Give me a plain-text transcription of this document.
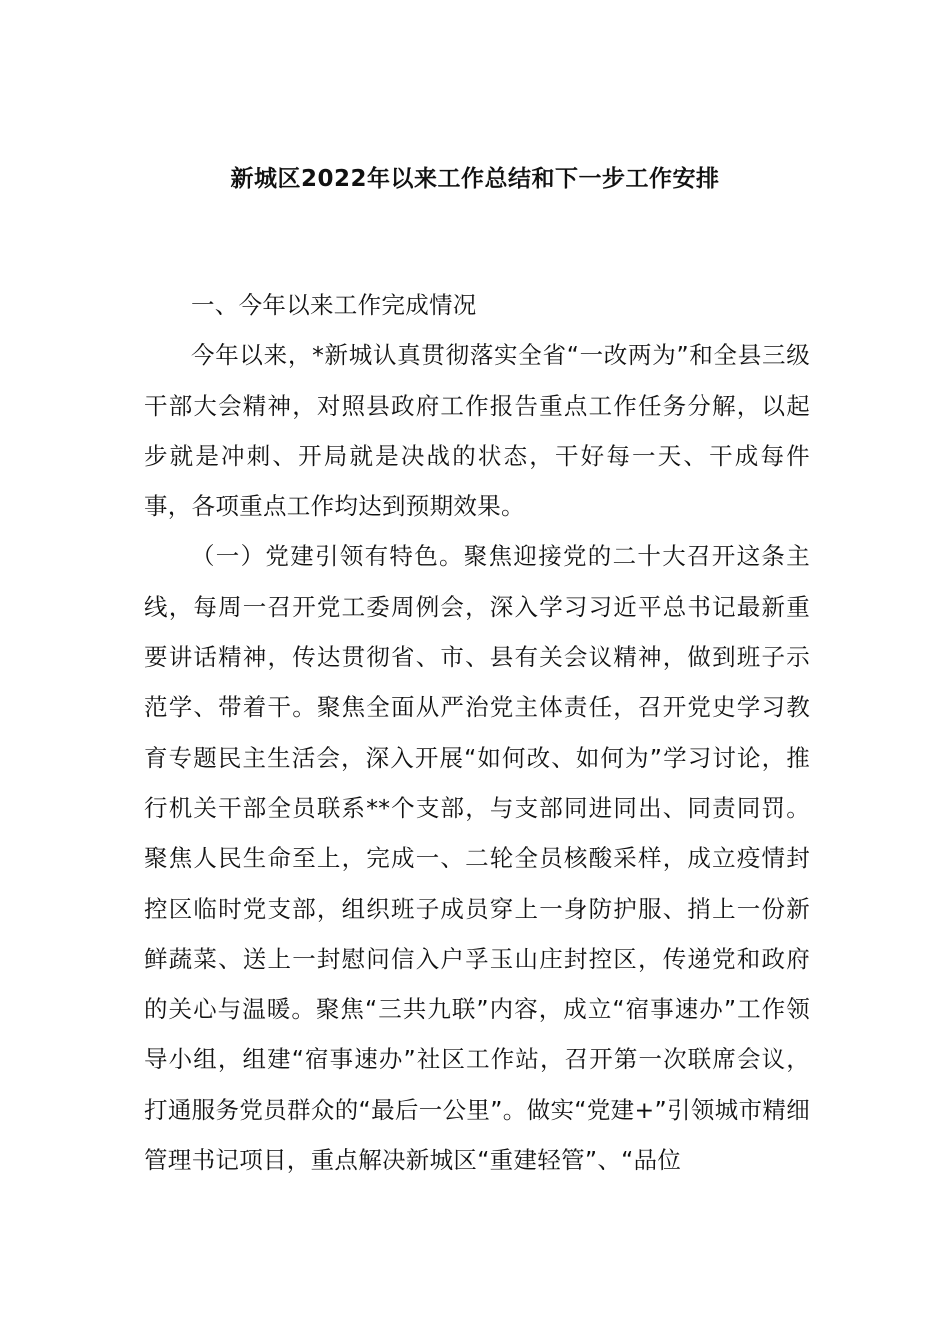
新城区2022年以来工作总结和下一步工作安排

一、今年以来工作完成情况

今年以来，*新城认真贯彻落实全省“一改两为”和全县三级干部大会精神，对照县政府工作报告重点工作任务分解，以起步就是冲刺、开局就是决战的状态，干好每一天、干成每件事，各项重点工作均达到预期效果。

（一）党建引领有特色。聚焦迎接党的二十大召开这条主线，每周一召开党工委周例会，深入学习习近平总书记最新重要讲话精神，传达贯彻省、市、县有关会议精神，做到班子示范学、带着干。聚焦全面从严治党主体责任，召开党史学习教育专题民主生活会，深入开展“如何改、如何为”学习讨论，推行机关干部全员联系**个支部，与支部同进同出、同责同罚。聚焦人民生命至上，完成一、二轮全员核酸采样，成立疫情封控区临时党支部，组织班子成员穿上一身防护服、捎上一份新鲜蔬菜、送上一封慰问信入户孚玉山庄封控区，传递党和政府的关心与温暖。聚焦“三共九联”内容，成立“宿事速办”工作领导小组，组建“宿事速办”社区工作站，召开第一次联席会议，打通服务党员群众的“最后一公里”。做实“党建+”引领城市精细管理书记项目，重点解决新城区“重建轻管”、“品位
